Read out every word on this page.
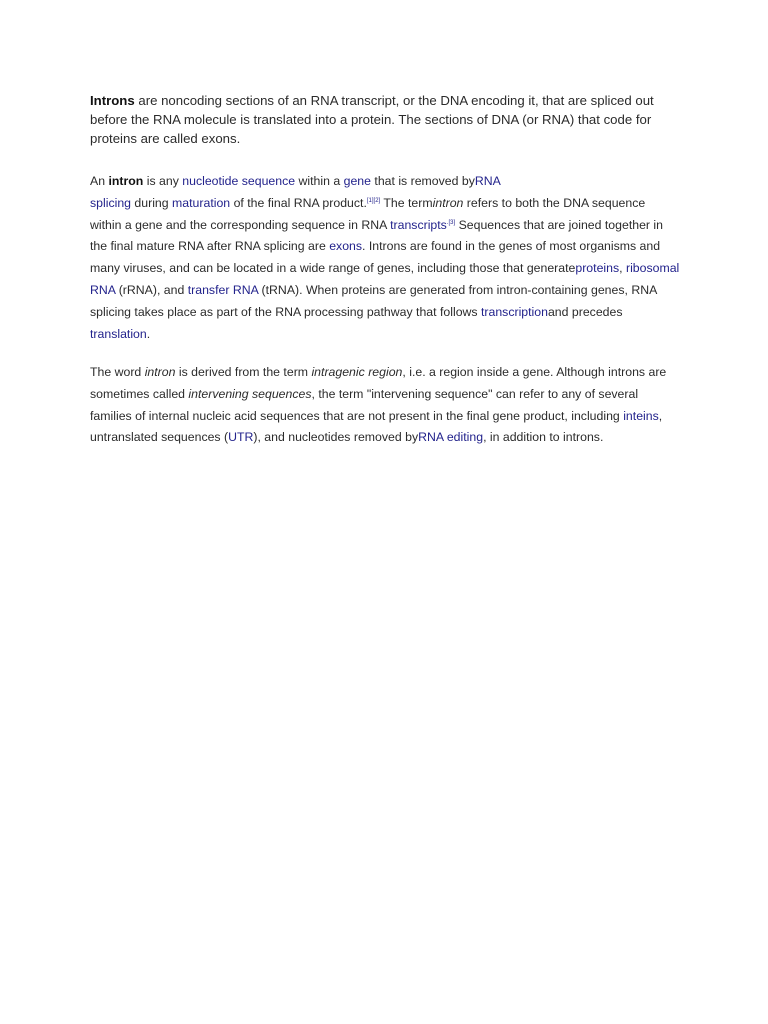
Introns are noncoding sections of an RNA transcript, or the DNA encoding it, that are spliced out before the RNA molecule is translated into a protein. The sections of DNA (or RNA) that code for proteins are called exons.

An intron is any nucleotide sequence within a gene that is removed byRNA
splicing during maturation of the final RNA product.[1][2] The termintron refers to both the DNA sequence within a gene and the corresponding sequence in RNA transcripts$^{.[3]}$ Sequences that are joined together in the final mature RNA after RNA splicing are exons. Introns are found in the genes of most organisms and many viruses, and can be located in a wide range of genes, including those that generateproteins, ribosomal RNA (rRNA), and transfer RNA (tRNA). When proteins are generated from intron-containing genes, RNA splicing takes place as part of the RNA processing pathway that follows transcriptionand precedes translation.

The word intron is derived from the term intragenic region, i.e. a region inside a gene. Although introns are sometimes called intervening sequences, the term "intervening sequence" can refer to any of several families of internal nucleic acid sequences that are not present in the final gene product, including inteins, untranslated sequences (UTR), and nucleotides removed byRNA editing, in addition to introns.
